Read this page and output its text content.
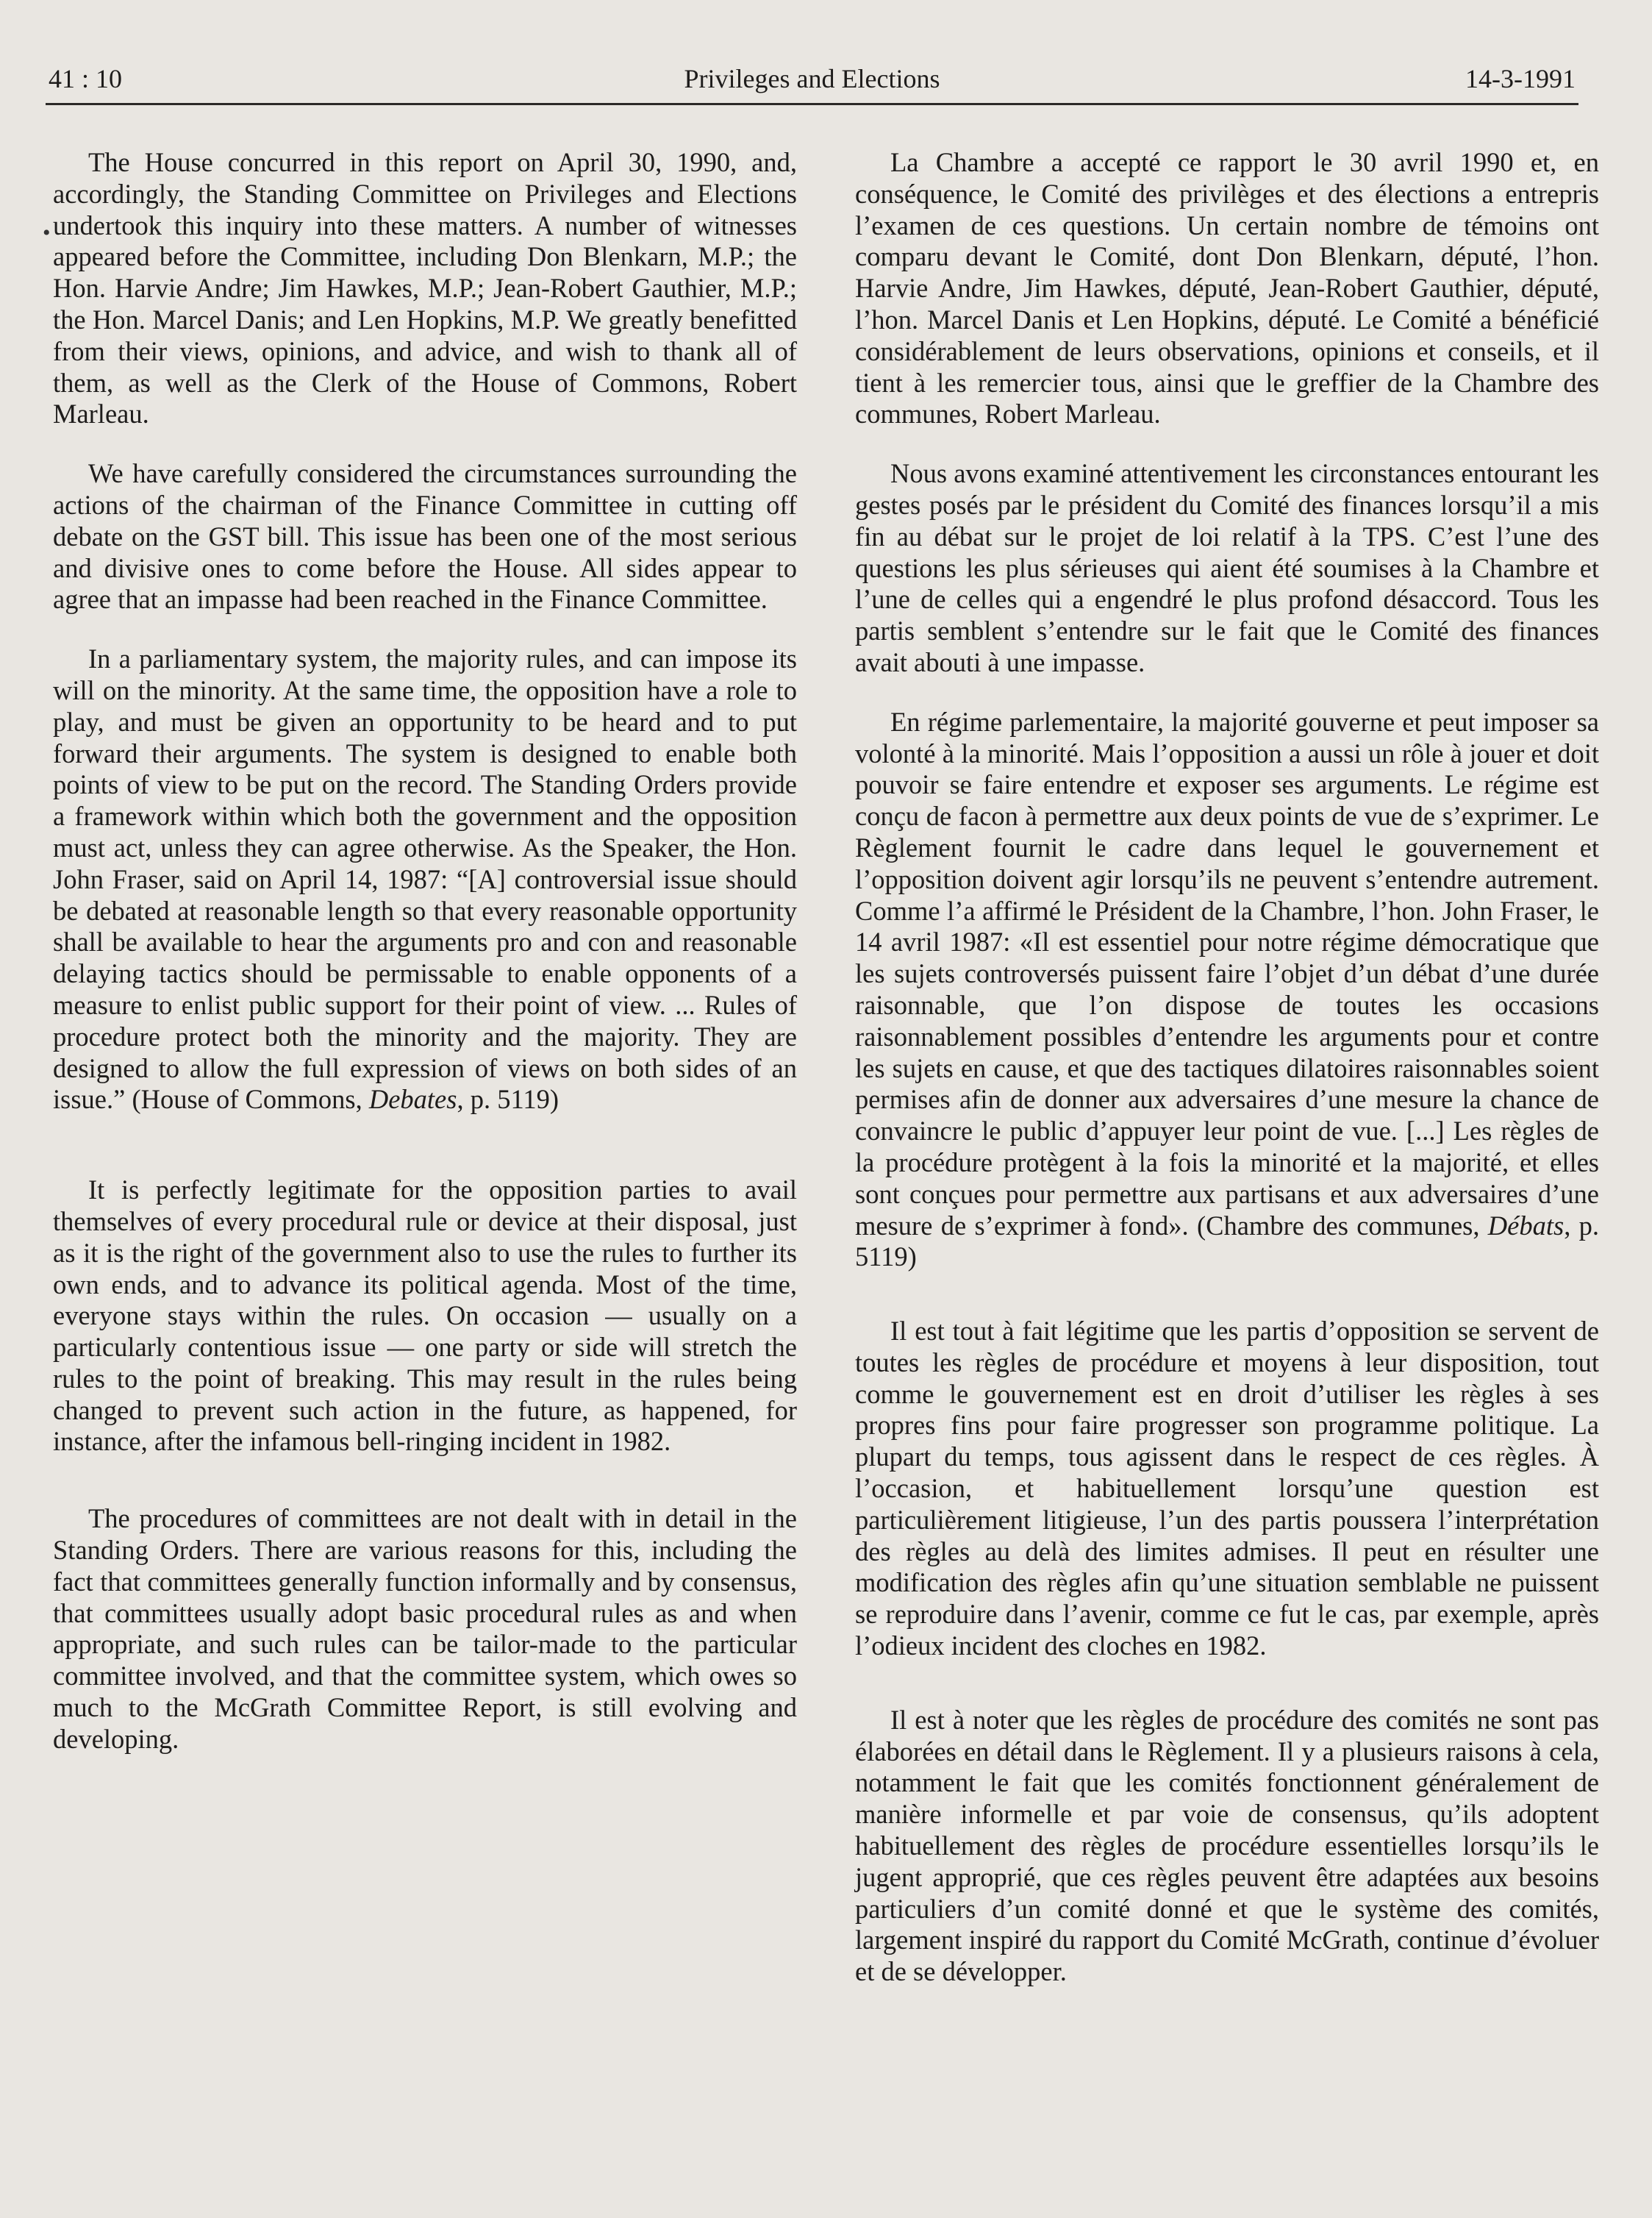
41 : 10	Privileges and Elections	14-3-1991
•

The House concurred in this report on April 30, 1990, and, accordingly, the Standing Committee on Privileges and Elections undertook this inquiry into these matters. A number of witnesses appeared before the Committee, including Don Blenkarn, M.P.; the Hon. Harvie Andre; Jim Hawkes, M.P.; Jean-Robert Gauthier, M.P.; the Hon. Marcel Danis; and Len Hopkins, M.P. We greatly benefitted from their views, opinions, and advice, and wish to thank all of them, as well as the Clerk of the House of Commons, Robert Marleau.

We have carefully considered the circumstances surrounding the actions of the chairman of the Finance Committee in cutting off debate on the GST bill. This issue has been one of the most serious and divisive ones to come before the House. All sides appear to agree that an impasse had been reached in the Finance Committee.

In a parliamentary system, the majority rules, and can impose its will on the minority. At the same time, the opposition have a role to play, and must be given an opportunity to be heard and to put forward their arguments. The system is designed to enable both points of view to be put on the record. The Standing Orders provide a framework within which both the government and the opposition must act, unless they can agree otherwise. As the Speaker, the Hon. John Fraser, said on April 14, 1987: “[A] controversial issue should be debated at reasonable length so that every reasonable opportunity shall be available to hear the arguments pro and con and reasonable delaying tactics should be permissable to enable opponents of a measure to enlist public support for their point of view. ... Rules of procedure protect both the minority and the majority. They are designed to allow the full expression of views on both sides of an issue.” (House of Commons, Debates, p. 5119)

It is perfectly legitimate for the opposition parties to avail themselves of every procedural rule or device at their disposal, just as it is the right of the government also to use the rules to further its own ends, and to advance its political agenda. Most of the time, everyone stays within the rules. On occasion — usually on a particularly contentious issue — one party or side will stretch the rules to the point of breaking. This may result in the rules being changed to prevent such action in the future, as happened, for instance, after the infamous bell-ringing incident in 1982.

The procedures of committees are not dealt with in detail in the Standing Orders. There are various reasons for this, including the fact that committees generally function informally and by consensus, that committees usually adopt basic procedural rules as and when appropriate, and such rules can be tailor-made to the particular committee involved, and that the committee system, which owes so much to the McGrath Committee Report, is still evolving and developing.

La Chambre a accepté ce rapport le 30 avril 1990 et, en conséquence, le Comité des privilèges et des élections a entrepris l’examen de ces questions. Un certain nombre de témoins ont comparu devant le Comité, dont Don Blenkarn, député, l’hon. Harvie Andre, Jim Hawkes, député, Jean-Robert Gauthier, député, l’hon. Marcel Danis et Len Hopkins, député. Le Comité a bénéficié considérablement de leurs observations, opinions et conseils, et il tient à les remercier tous, ainsi que le greffier de la Chambre des communes, Robert Marleau.

Nous avons examiné attentivement les circonstances entourant les gestes posés par le président du Comité des finances lorsqu’il a mis fin au débat sur le projet de loi relatif à la TPS. C’est l’une des questions les plus sérieuses qui aient été soumises à la Chambre et l’une de celles qui a engendré le plus profond désaccord. Tous les partis semblent s’entendre sur le fait que le Comité des finances avait abouti à une impasse.

En régime parlementaire, la majorité gouverne et peut imposer sa volonté à la minorité. Mais l’opposition a aussi un rôle à jouer et doit pouvoir se faire entendre et exposer ses arguments. Le régime est conçu de facon à permettre aux deux points de vue de s’exprimer. Le Règlement fournit le cadre dans lequel le gouvernement et l’opposition doivent agir lorsqu’ils ne peuvent s’entendre autrement. Comme l’a affirmé le Président de la Chambre, l’hon. John Fraser, le 14 avril 1987: «Il est essentiel pour notre régime démocratique que les sujets controversés puissent faire l’objet d’un débat d’une durée raisonnable, que l’on dispose de toutes les occasions raisonnablement possibles d’entendre les arguments pour et contre les sujets en cause, et que des tactiques dilatoires raisonnables soient permises afin de donner aux adversaires d’une mesure la chance de convaincre le public d’appuyer leur point de vue. [...] Les règles de la procédure protègent à la fois la minorité et la majorité, et elles sont conçues pour permettre aux partisans et aux adversaires d’une mesure de s’exprimer à fond». (Chambre des communes, Débats, p. 5119)

Il est tout à fait légitime que les partis d’opposition se servent de toutes les règles de procédure et moyens à leur disposition, tout comme le gouvernement est en droit d’utiliser les règles à ses propres fins pour faire progresser son programme politique. La plupart du temps, tous agissent dans le respect de ces règles. À l’occasion, et habituellement lorsqu’une question est particulièrement litigieuse, l’un des partis poussera l’interprétation des règles au delà des limites admises. Il peut en résulter une modification des règles afin qu’une situation semblable ne puissent se reproduire dans l’avenir, comme ce fut le cas, par exemple, après l’odieux incident des cloches en 1982.

Il est à noter que les règles de procédure des comités ne sont pas élaborées en détail dans le Règlement. Il y a plusieurs raisons à cela, notamment le fait que les comités fonctionnent généralement de manière informelle et par voie de consensus, qu’ils adoptent habituellement des règles de procédure essentielles lorsqu’ils le jugent approprié, que ces règles peuvent être adaptées aux besoins particuliers d’un comité donné et que le système des comités, largement inspiré du rapport du Comité McGrath, continue d’évoluer et de se développer.
